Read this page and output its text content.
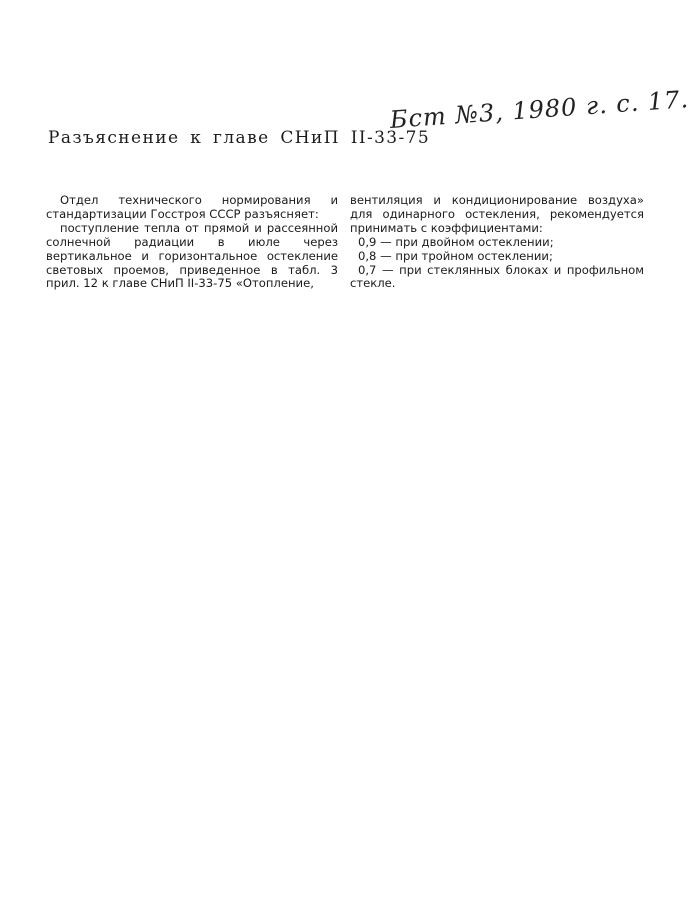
Бст №3, 1980 г. с. 17.
Разъяснение к главе СНиП II-33-75

Отдел технического нормирования и стандартизации Госстроя СССР разъясняет:

поступление тепла от прямой и рассеянной солнечной радиации в июле через вертикальное и горизонтальное остекление световых проемов, приведенное в табл. 3 прил. 12 к главе СНиП II-33-75 «Отопление,

вентиляция и кондиционирование воздуха» для одинарного остекления, рекомендуется принимать с коэффициентами:

0,9 — при двойном остеклении;

0,8 — при тройном остеклении;

0,7 — при стеклянных блоках и профильном стекле.
